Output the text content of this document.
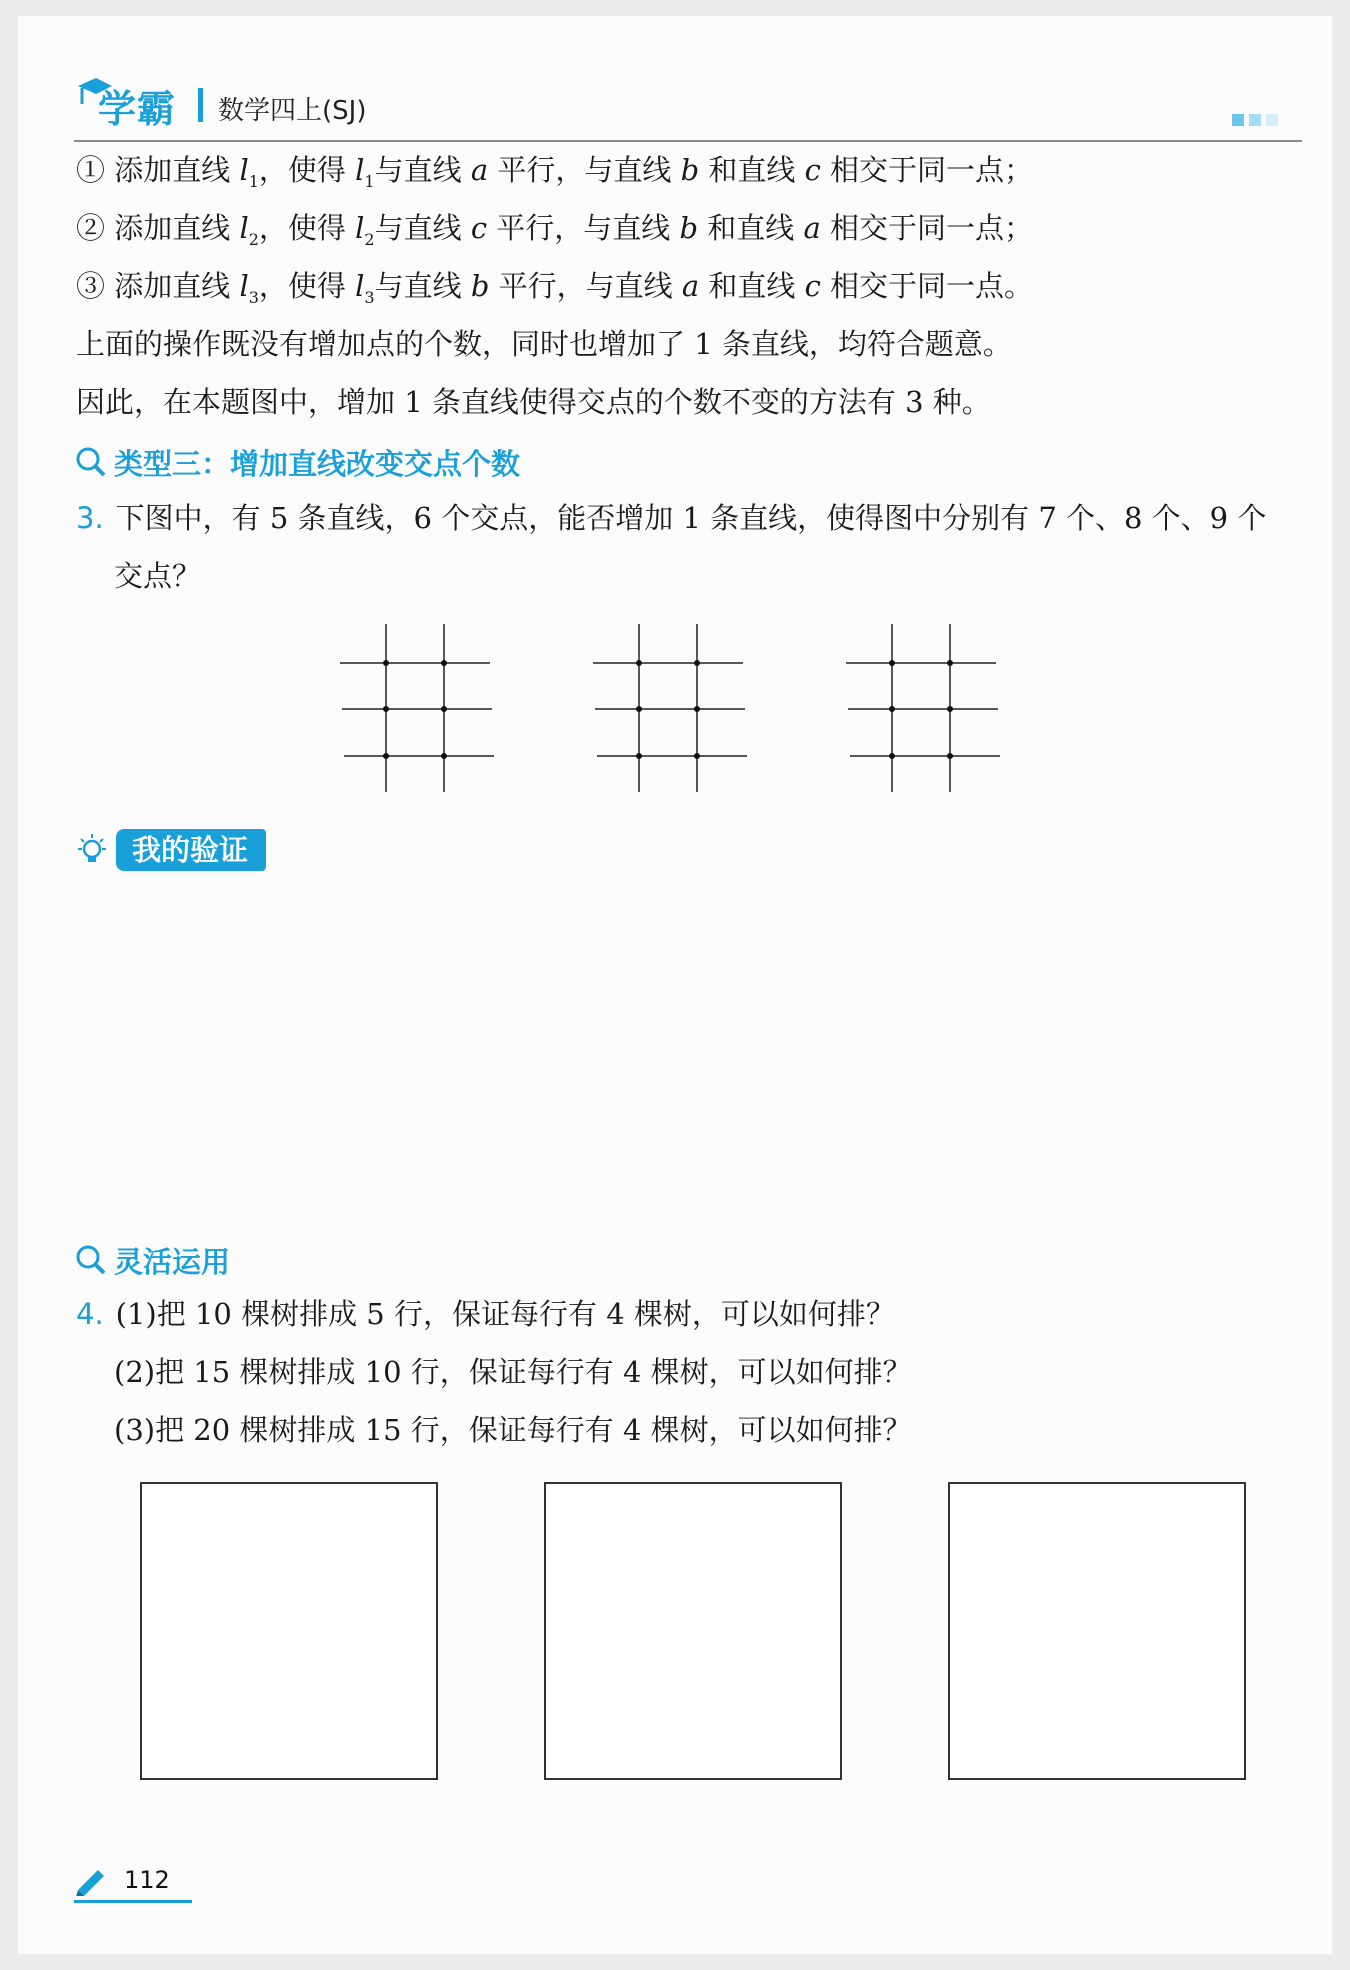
学霸 数学四上(SJ)
① 添加直线 $l_1$，使得 $l_1$与直线 a 平行，与直线 b 和直线 c 相交于同一点；
② 添加直线 $l_2$，使得 $l_2$与直线 c 平行，与直线 b 和直线 a 相交于同一点；
③ 添加直线 $l_3$，使得 $l_3$与直线 b 平行，与直线 a 和直线 c 相交于同一点。
上面的操作既没有增加点的个数，同时也增加了 1 条直线，均符合题意。
因此，在本题图中，增加 1 条直线使得交点的个数不变的方法有 3 种。
类型三：增加直线改变交点个数
3. 下图中，有 5 条直线，6 个交点，能否增加 1 条直线，使得图中分别有 7 个、8 个、9 个
交点？
我的验证
灵活运用
4. (1)把 10 棵树排成 5 行，保证每行有 4 棵树，可以如何排？
(2)把 15 棵树排成 10 行，保证每行有 4 棵树，可以如何排？
(3)把 20 棵树排成 15 行，保证每行有 4 棵树，可以如何排？
112
